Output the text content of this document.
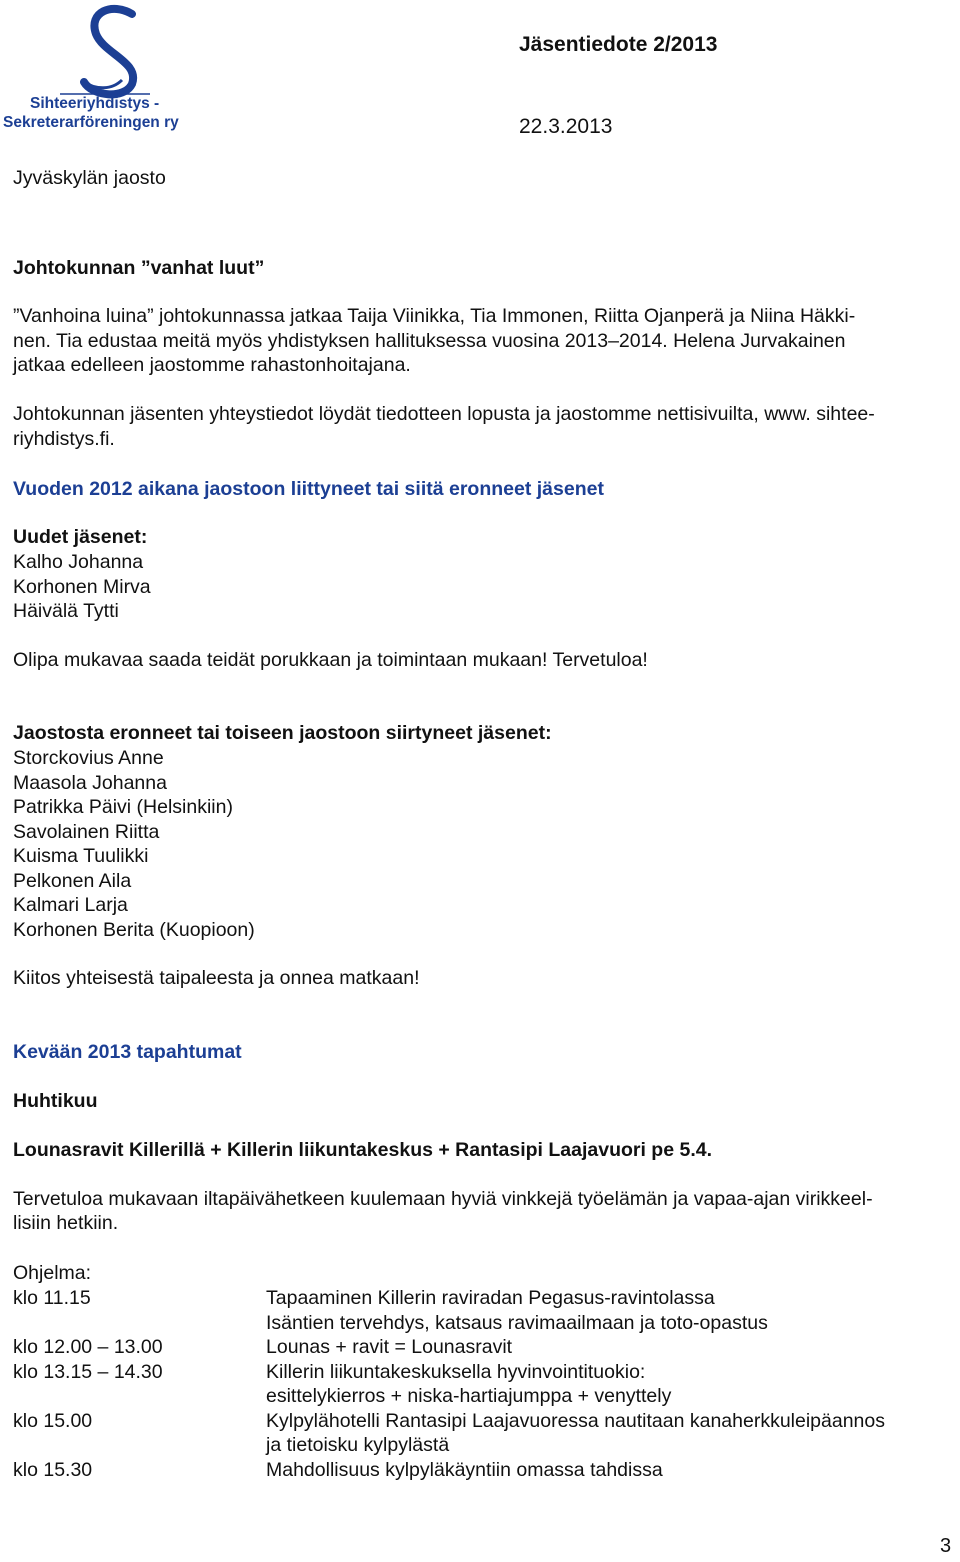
Sihteeriyhdistys -
Sekreterarföreningen ry
Jäsentiedote 2/2013
22.3.2013
Jyväskylän jaosto
Johtokunnan ”vanhat luut”
”Vanhoina luina” johtokunnassa jatkaa Taija Viinikka, Tia Immonen, Riitta Ojanperä ja Niina Häkki-
nen. Tia edustaa meitä myös yhdistyksen hallituksessa vuosina 2013–2014. Helena Jurvakainen
jatkaa edelleen jaostomme rahastonhoitajana.
Johtokunnan jäsenten yhteystiedot löydät tiedotteen lopusta ja jaostomme nettisivuilta, www. sihtee-
riyhdistys.fi.
Vuoden 2012 aikana jaostoon liittyneet tai siitä eronneet jäsenet
Uudet jäsenet:
Kalho Johanna
Korhonen Mirva
Häivälä Tytti
Olipa mukavaa saada teidät porukkaan ja toimintaan mukaan! Tervetuloa!
Jaostosta eronneet tai toiseen jaostoon siirtyneet jäsenet:
Storckovius Anne
Maasola Johanna
Patrikka Päivi (Helsinkiin)
Savolainen Riitta
Kuisma Tuulikki
Pelkonen Aila
Kalmari Larja
Korhonen Berita (Kuopioon)
Kiitos yhteisestä taipaleesta ja onnea matkaan!
Kevään 2013 tapahtumat
Huhtikuu
Lounasravit Killerillä + Killerin liikuntakeskus + Rantasipi Laajavuori pe 5.4.
Tervetuloa mukavaan iltapäivähetkeen kuulemaan hyviä vinkkejä työelämän ja vapaa-ajan virikkeel-
lisiin hetkiin.
Ohjelma:
klo 11.15	Tapaaminen Killerin raviradan Pegasus-ravintolassa
Isäntien tervehdys, katsaus ravimaailmaan ja toto-opastus
klo 12.00 – 13.00	Lounas + ravit = Lounasravit
klo 13.15 – 14.30	Killerin liikuntakeskuksella hyvinvointituokio:
esittelykierros + niska-hartiajumppa + venyttely
klo 15.00	Kylpylähotelli Rantasipi Laajavuoressa nautitaan kanaherkkuleipäannos
ja tietoisku kylpylästä
klo 15.30	Mahdollisuus kylpyläkäyntiin omassa tahdissa
3
